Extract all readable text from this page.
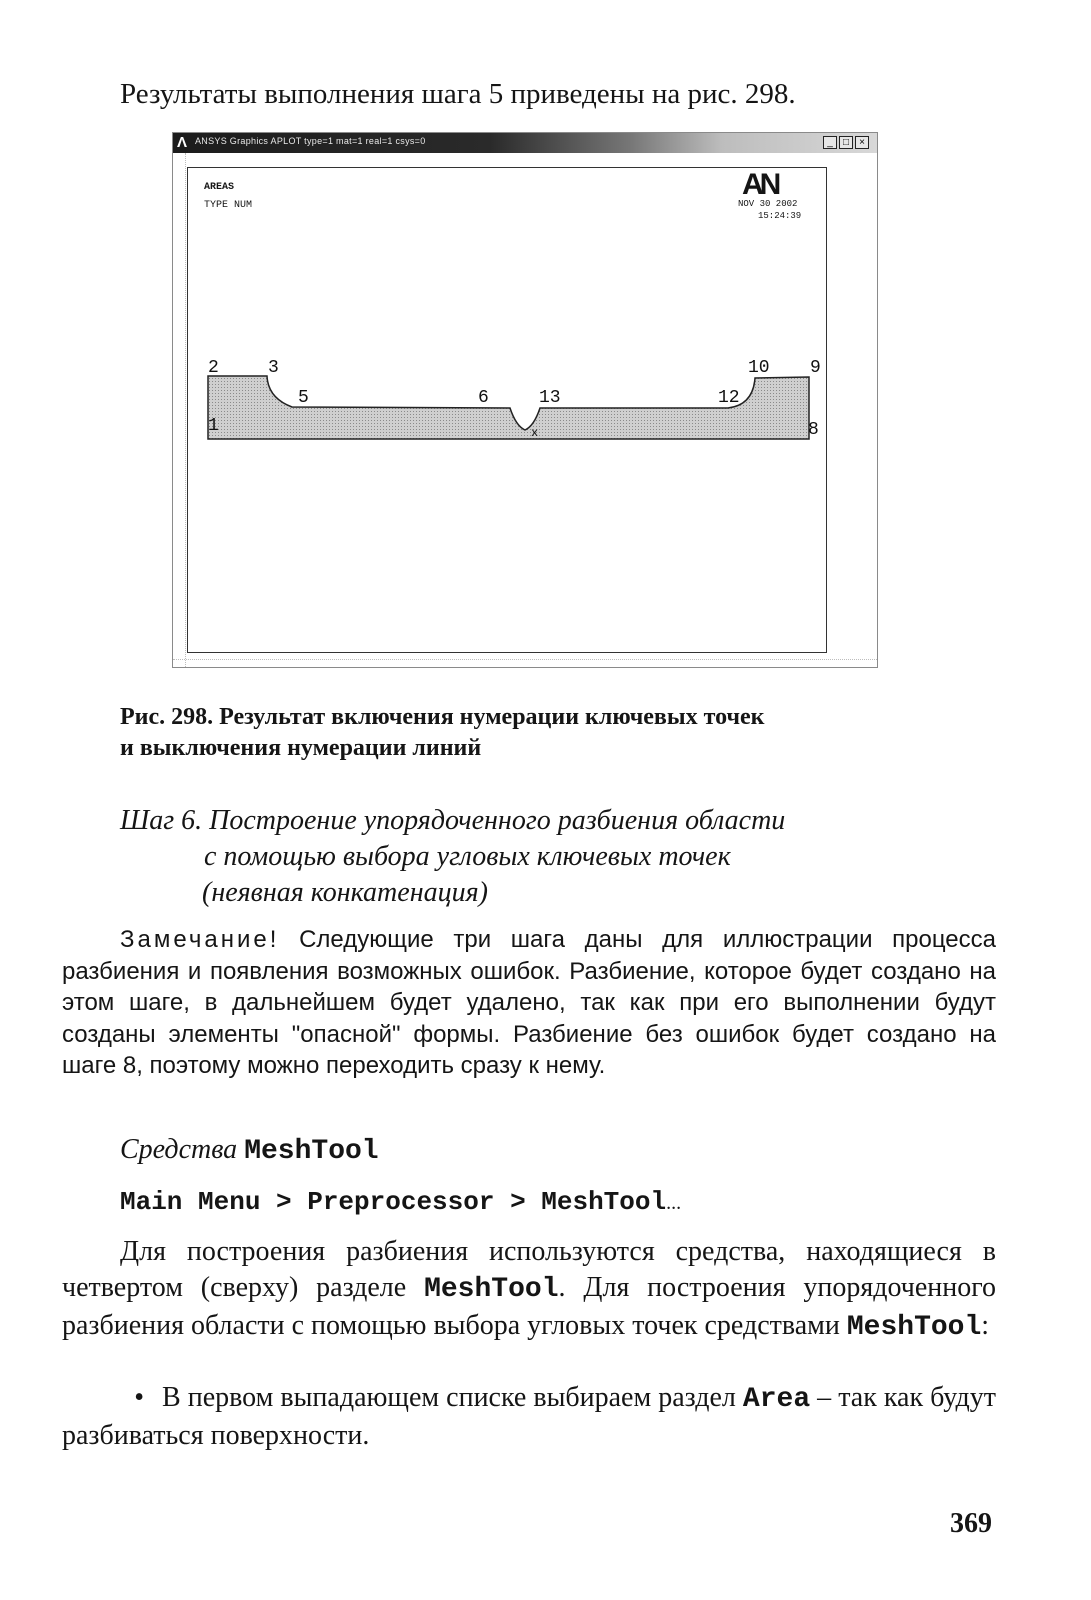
Результаты выполнения шага 5 приведены на рис. 298.
Λ ANSYS Graphics APLOT type=1 mat=1 real=1 csys=0	_	□	×
AREAS
TYPE NUM
AN
NOV 30 2002
15:24:39
1
2	3
5	6	13	12
10 9
8
x
Рис. 298. Результат включения нумерации ключевых точек
и выключения нумерации линий
Шаг 6. Построение упорядоченного разбиения области
с помощью выбора угловых ключевых точек
(неявная конкатенация)
Замечание! Следующие три шага даны для иллюстрации процесса разбиения и появления возможных ошибок. Разбиение, которое будет создано на этом шаге, в дальнейшем будет удалено, так как при его выполнении будут созданы элементы "опасной" формы. Разбиение без ошибок будет создано на шаге 8, поэтому можно переходить сразу к нему.
Средства MeshTool
Main Menu > Preprocessor > MeshTool...
Для построения разбиения используются средства, находящиеся в четвертом (сверху) разделе MeshTool. Для построения упорядоченного разбиения области с помощью выбора угловых точек средствами MeshTool:
• В первом выпадающем списке выбираем раздел Area – так как будут разбиваться поверхности.
369
